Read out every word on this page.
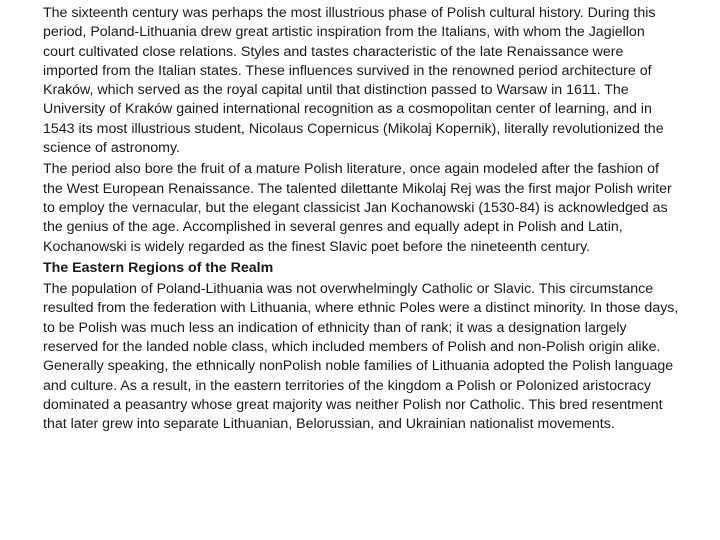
The sixteenth century was perhaps the most illustrious phase of Polish cultural history. During this period, Poland-Lithuania drew great artistic inspiration from the Italians, with whom the Jagiellon court cultivated close relations. Styles and tastes characteristic of the late Renaissance were imported from the Italian states. These influences survived in the renowned period architecture of Kraków, which served as the royal capital until that distinction passed to Warsaw in 1611. The University of Kraków gained international recognition as a cosmopolitan center of learning, and in 1543 its most illustrious student, Nicolaus Copernicus (Mikolaj Kopernik), literally revolutionized the science of astronomy.

The period also bore the fruit of a mature Polish literature, once again modeled after the fashion of the West European Renaissance. The talented dilettante Mikolaj Rej was the first major Polish writer to employ the vernacular, but the elegant classicist Jan Kochanowski (1530-84) is acknowledged as the genius of the age. Accomplished in several genres and equally adept in Polish and Latin, Kochanowski is widely regarded as the finest Slavic poet before the nineteenth century.

The Eastern Regions of the Realm

The population of Poland-Lithuania was not overwhelmingly Catholic or Slavic. This circumstance resulted from the federation with Lithuania, where ethnic Poles were a distinct minority. In those days, to be Polish was much less an indication of ethnicity than of rank; it was a designation largely reserved for the landed noble class, which included members of Polish and non-Polish origin alike. Generally speaking, the ethnically nonPolish noble families of Lithuania adopted the Polish language and culture. As a result, in the eastern territories of the kingdom a Polish or Polonized aristocracy dominated a peasantry whose great majority was neither Polish nor Catholic. This bred resentment that later grew into separate Lithuanian, Belorussian, and Ukrainian nationalist movements.
